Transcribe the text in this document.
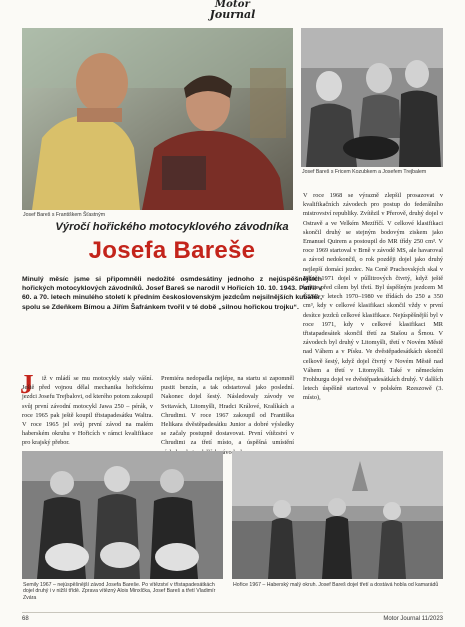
Motor
Journal
Josef Bareš s Františkem Šťastným
Josef Bareš s Fricem Kozubkem a Josefem Trejbalem
Výročí hořického motocyklového závodníka
Josefa Bareše
Minulý měsíc jsme si připomněli nedožité osmdesátiny jednoho z nejúspěšnějších hořických motocyklových závodníků. Josef Bareš se narodil v Hořicích 10. 10. 1943. Patřil v 60. a 70. letech minulého století k předním československým jezdcům nejsilnějších kubatur, spolu se Zdeňkem Bímou a Jiřím Šafránkem tvořil v té době „silnou hořickou trojku“.
J	iž v mládí se mu motocykly staly vášní. Ještě před vojnou dělal mechanika hořickému jezdci Josefu Trejbalovi, od kterého potom zakoupil svůj první závodní motocykl Jawa 250 – pérák, v roce 1965 pak ještě koupil třistapadesátku Waltra. V roce 1965 jel svůj první závod na malém haberském okruhu v Hořicích v rámci kvalifikace pro krajský přebor.
Premiéra nedopadla nejlépe, na startu si zapomněl pustit benzín, a tak odstartoval jako poslední. Nakonec dojel šestý. Následovaly závody ve Svitavách, Litomyšli, Hradci Králové, Kralíkách a Chrudimi. V roce 1967 zakoupil od Františka Helikara dvěstěpadesátku Junior a dobré výsledky se začaly postupně dostavovat. První vítězství v Chrudimi za třetí místo, a úspěšná umístění
V roce 1968 se výrazně zlepšil prosazovat v kvalifikačních závodech pro postup do federálního mistrovství republiky. Zvítězil v Přerově, druhý dojel v Ostravě a ve Velkém Meziříčí. V celkové klasifikaci skončil druhý se stejným bodovým ziskem jako Emanuel Quirem a postoupil do MR třídy 250 cm³. V roce 1969 startoval v Brně v závodě MS, ale havaroval a závod nedokončil, o rok později dojel jako druhý nejlepší domácí jezdec. Na Ceně Prachovských skal v Jičíně 1971 dojel v půllitrových čtvrtý, když ještě krátce před cílem byl třetí. Byl úspěšným jezdcem M ČSSR v letech 1970–1980 ve třídách do 250 a 350 cm³, kdy v celkové klasifikaci skončil vždy v první desítce jezdců celkové klasifikace. Nejúspěšnější byl v roce 1971, kdy v celkové klasifikaci MR třistapadesátek skončil třetí za Stašou a Šrnou. V závodech byl druhý v Litomyšli, třetí v Novém Městě nad Váhem a v Písku. Ve dvěstěpadesátkách skončil celkově šestý, když dojel čtvrtý v Novém Městě nad Váhem a třetí v Litomyšli. Také v německém Frohburgu dojel ve dvěstěpadesátkách druhý. V dalších letech úspěšně startoval v polském Rzeszowě (3. místo),
Semily 1967 – nejúspěšnější závod Josefa Bareše. Po vítězství v třistapadesátkách dojel druhý i v nižší třídě. Zprava vítězný Alois Minxlčka, Josef Bareš a třetí Vladimír Zvára
Hořice 1967 – Haberský malý okruh. Josef Bareš dojel třetí a dostává hobla od kamarádů
68	Motor Journal 11/2023
